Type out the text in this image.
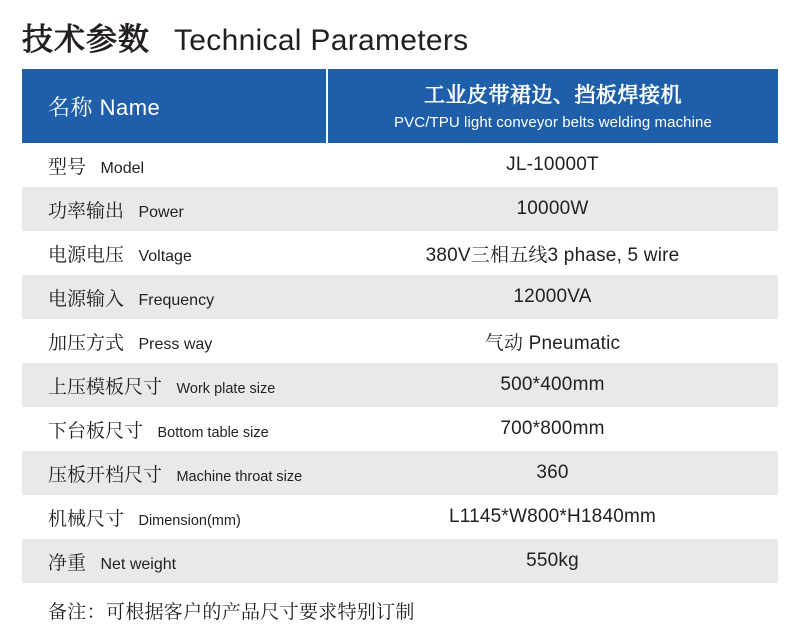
技术参数 Technical Parameters
名称 Name	工业皮带裙边、挡板焊接机
PVC/TPU light conveyor belts welding machine

型号 Model	JL-10000T
功率输出 Power	10000W
电源电压 Voltage	380V三相五线3 phase, 5 wire
电源输入 Frequency	12000VA
加压方式 Press way	气动 Pneumatic
上压模板尺寸 Work plate size	500*400mm
下台板尺寸 Bottom table size	700*800mm
压板开档尺寸 Machine throat size	360
机械尺寸 Dimension(mm)	L1145*W800*H1840mm
净重 Net weight	550kg
备注：可根据客户的产品尺寸要求特别订制	
